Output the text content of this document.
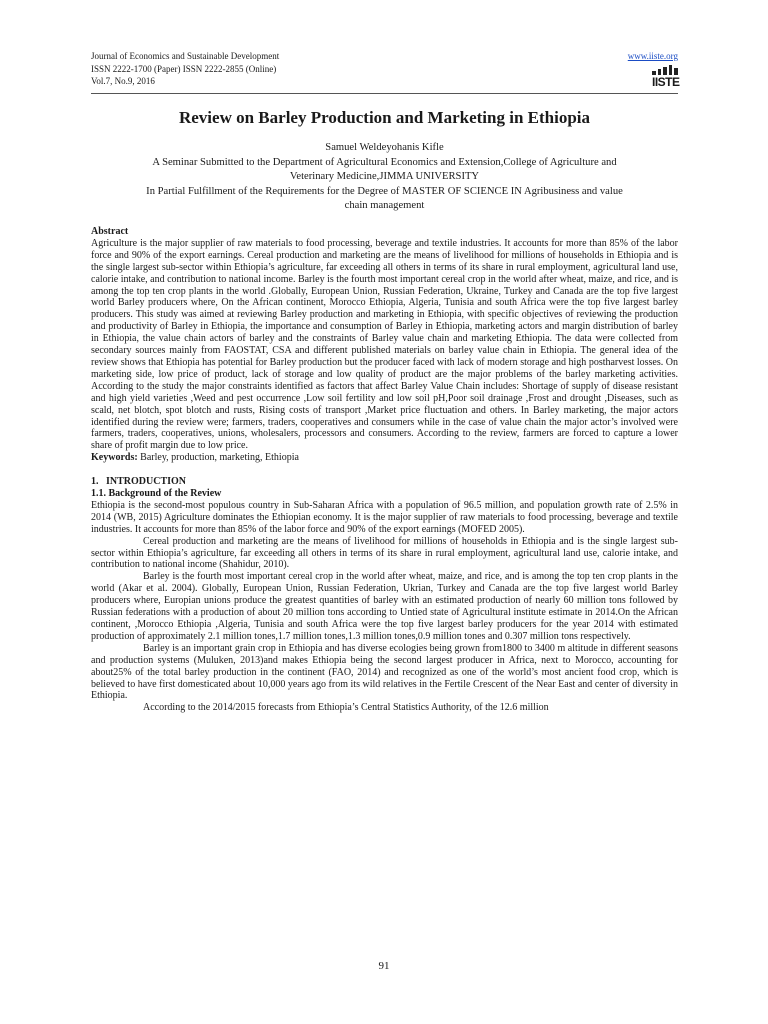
Journal of Economics and Sustainable Development
ISSN 2222-1700 (Paper) ISSN 2222-2855 (Online)
Vol.7, No.9, 2016
www.iiste.org
IISTE
Review on Barley Production and Marketing in Ethiopia
Samuel Weldeyohanis Kifle
A Seminar Submitted to the Department of Agricultural Economics and Extension,College of Agriculture and
Veterinary Medicine,JIMMA UNIVERSITY
In Partial Fulfillment of the Requirements for the Degree of MASTER OF SCIENCE IN Agribusiness and value
chain management

Abstract

Agriculture is the major supplier of raw materials to food processing, beverage and textile industries. It accounts for more than 85% of the labor force and 90% of the export earnings. Cereal production and marketing are the means of livelihood for millions of households in Ethiopia and is the single largest sub-sector within Ethiopia’s agriculture, far exceeding all others in terms of its share in rural employment, agricultural land use, calorie intake, and contribution to national income. Barley is the fourth most important cereal crop in the world after wheat, maize, and rice, and is among the top ten crop plants in the world .Globally, European Union, Russian Federation, Ukraine, Turkey and Canada are the top five largest world Barley producers where, On the African continent, Morocco Ethiopia, Algeria, Tunisia and south Africa were the top five largest barley producers. This study was aimed at reviewing Barley production and marketing in Ethiopia, with specific objectives of reviewing the production and productivity of Barley in Ethiopia, the importance and consumption of Barley in Ethiopia, marketing actors and margin distribution of barley in Ethiopia, the value chain actors of barley and the constraints of Barley value chain and marketing Ethiopia. The data were collected from secondary sources mainly from FAOSTAT, CSA and different published materials on barley value chain in Ethiopia. The general idea of the review shows that Ethiopia has potential for Barley production but the producer faced with lack of modern storage and high postharvest losses. On marketing side, low price of product, lack of storage and low quality of product are the major problems of the barley marketing activities. According to the study the major constraints identified as factors that affect Barley Value Chain includes: Shortage of supply of disease resistant and high yield varieties ,Weed and pest occurrence ,Low soil fertility and low soil pH,Poor soil drainage ,Frost and drought ,Diseases, such as scald, net blotch, spot blotch and rusts, Rising costs of transport ,Market price fluctuation and others. In Barley marketing, the major actors identified during the review were; farmers, traders, cooperatives and consumers while in the case of value chain the major actor’s involved were farmers, traders, cooperatives, unions, wholesalers, processors and consumers. According to the review, farmers are forced to capture a lower share of profit margin due to low price.

Keywords: Barley, production, marketing, Ethiopia

1.   INTRODUCTION

1.1. Background of the Review

Ethiopia is the second-most populous country in Sub-Saharan Africa with a population of 96.5 million, and population growth rate of 2.5% in 2014 (WB, 2015) Agriculture dominates the Ethiopian economy. It is the major supplier of raw materials to food processing, beverage and textile industries. It accounts for more than 85% of the labor force and 90% of the export earnings (MOFED 2005).

Cereal production and marketing are the means of livelihood for millions of households in Ethiopia and is the single largest sub-sector within Ethiopia’s agriculture, far exceeding all others in terms of its share in rural employment, agricultural land use, calorie intake, and contribution to national income (Shahidur, 2010).

Barley is the fourth most important cereal crop in the world after wheat, maize, and rice, and is among the top ten crop plants in the world (Akar et al. 2004). Globally, European Union, Russian Federation, Ukrian, Turkey and Canada are the top five largest world Barley producers where, Europian unions produce the greatest quantities of barley with an estimated production of nearly 60 million tons followed by Russian federations with a production of about 20 million tons according to Untied state of Agricultural institute estimate in 2014.On the African continent, ,Morocco Ethiopia ,Algeria, Tunisia and south Africa were the top five largest barley producers for the year 2014 with estimated production of approximately 2.1 million tones,1.7 million tones,1.3 million tones,0.9 million tones and 0.307 million tons respectively.

Barley is an important grain crop in Ethiopia and has diverse ecologies being grown from1800 to 3400 m altitude in different seasons and production systems (Muluken, 2013)and makes Ethiopia being the second largest producer in Africa, next to Morocco, accounting for about25% of the total barley production in the continent (FAO, 2014) and recognized as one of the world’s most ancient food crop, which is believed to have first domesticated about 10,000 years ago from its wild relatives in the Fertile Crescent of the Near East and center of diversity in Ethiopia.

According to the 2014/2015 forecasts from Ethiopia’s Central Statistics Authority, of the 12.6 million

91
